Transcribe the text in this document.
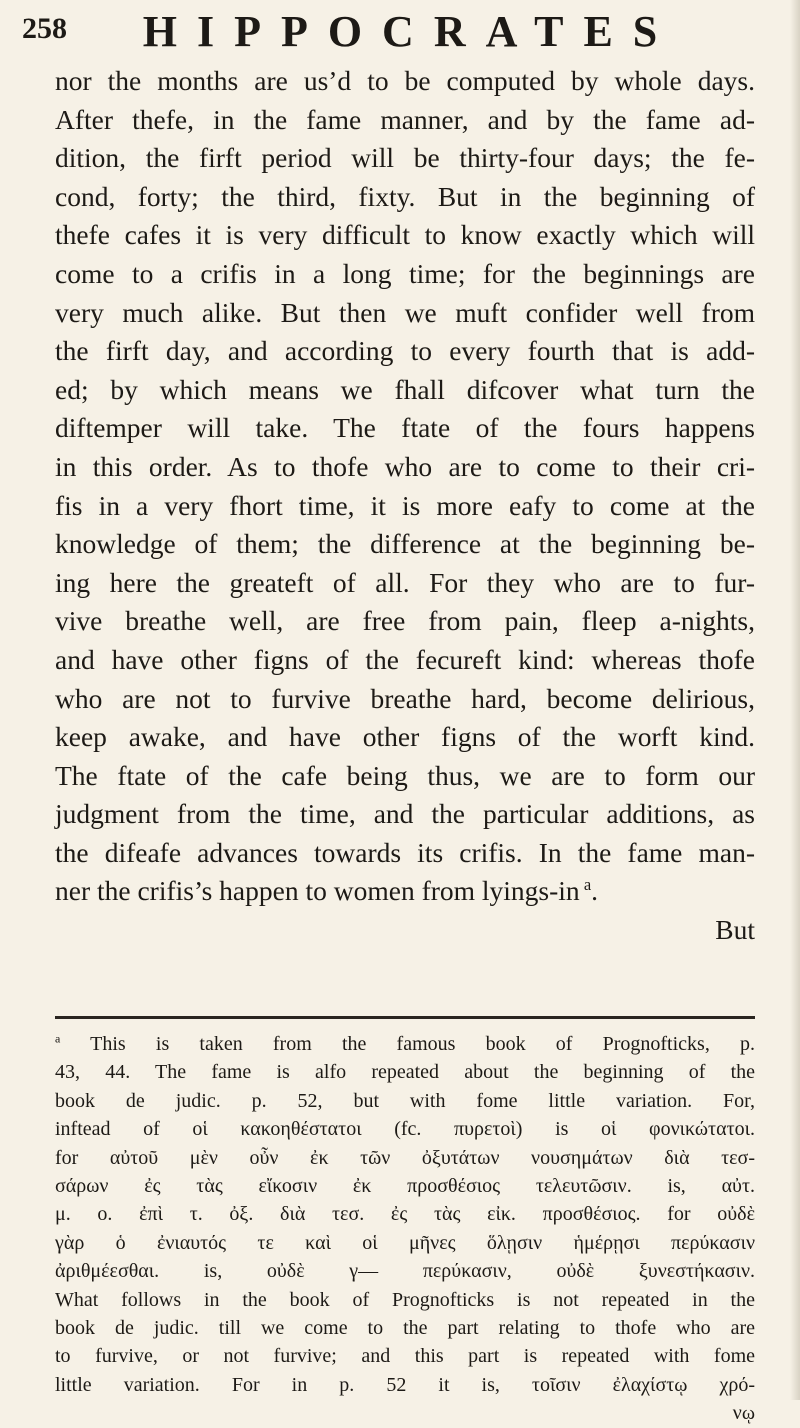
258	HIPPOCRATES
nor the months are us’d to be computed by whole days.
After thefe, in the fame manner, and by the fame ad-
dition, the firft period will be thirty-four days; the fe-
cond, forty; the third, fixty. But in the beginning of
thefe cafes it is very difficult to know exactly which will
come to a crifis in a long time; for the beginnings are
very much alike. But then we muft confider well from
the firft day, and according to every fourth that is add-
ed; by which means we fhall difcover what turn the
diftemper will take. The ftate of the fours happens
in this order. As to thofe who are to come to their cri-
fis in a very fhort time, it is more eafy to come at the
knowledge of them; the difference at the beginning be-
ing here the greateft of all. For they who are to fur-
vive breathe well, are free from pain, fleep a-nights,
and have other figns of the fecureft kind: whereas thofe
who are not to furvive breathe hard, become delirious,
keep awake, and have other figns of the worft kind.
The ftate of the cafe being thus, we are to form our
judgment from the time, and the particular additions, as
the difeafe advances towards its crifis. In the fame man-
ner the crifis’s happen to women from lyings-in $^a$.
But
$^a$ This is taken from the famous book of Prognofticks, p.
43, 44. The fame is alfo repeated about the beginning of the
book de judic. p. 52, but with fome little variation. For,
inftead of οἱ κακοηθέστατοι (fc. πυρετοὶ) is οἱ φονικώτατοι.
for αὐτοῦ μὲν οὖν ἐκ τῶν ὀξυτάτων νουσημάτων διὰ τεσ-
σάρων ἐς τὰς εἴκοσιν ἐκ προσθέσιος τελευτῶσιν. is, αὐτ.
μ. ο. ἐπὶ τ. ὀξ. διὰ τεσ. ἐς τὰς εἰκ. προσθέσιος. for οὐδὲ
γὰρ ὁ ἐνιαυτός τε καὶ οἱ μῆνες ὅλῃσιν ἡμέρῃσι περύκασιν
ἀριθμέεσθαι. is, οὐδὲ γ— περύκασιν, οὐδὲ ξυνεστήκασιν.
What follows in the book of Prognofticks is not repeated in the
book de judic. till we come to the part relating to thofe who are
to furvive, or not furvive; and this part is repeated with fome
little variation. For in p. 52 it is, τοῖσιν ἐλαχίστῳ χρό-
νῳ
